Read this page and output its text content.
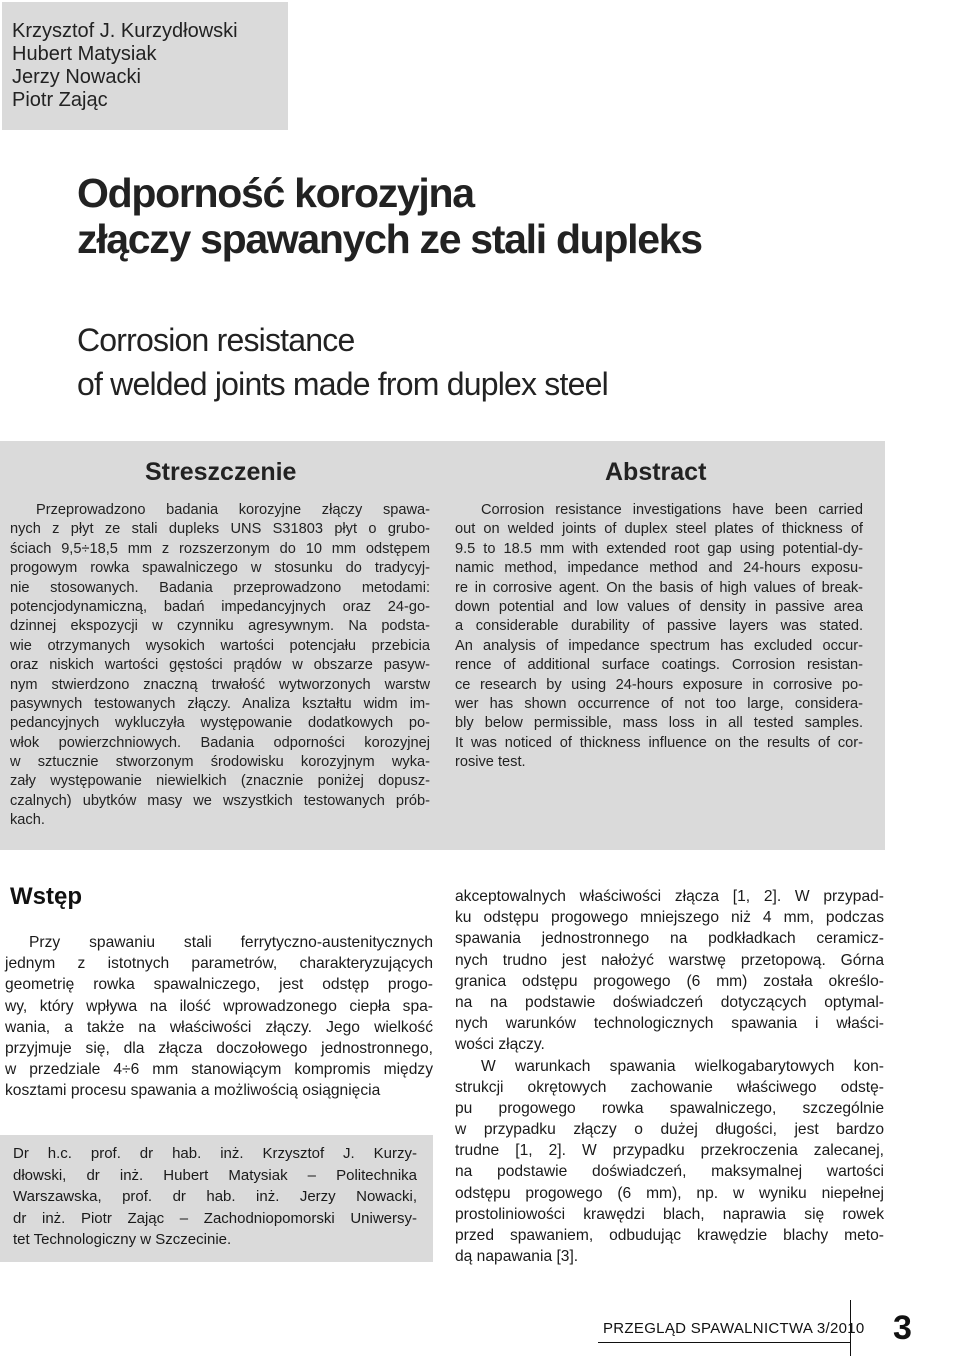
Krzysztof J. Kurzydłowski
Hubert Matysiak
Jerzy Nowacki
Piotr Zając
Odporność korozyjna
złączy spawanych ze stali dupleks
Corrosion resistance
of welded joints made from duplex steel
Streszczenie
Przeprowadzono badania korozyjne złączy spawa-
nych z płyt ze stali dupleks UNS S31803 płyt o grubo-
ściach 9,5÷18,5 mm z rozszerzonym do 10 mm odstępem
progowym rowka spawalniczego w stosunku do tradycyj-
nie stosowanych. Badania przeprowadzono metodami:
potencjodynamiczną, badań impedancyjnych oraz 24-go-
dzinnej ekspozycji w czynniku agresywnym. Na podsta-
wie otrzymanych wysokich wartości potencjału przebicia
oraz niskich wartości gęstości prądów w obszarze pasyw-
nym stwierdzono znaczną trwałość wytworzonych warstw
pasywnych testowanych złączy. Analiza kształtu widm im-
pedancyjnych wykluczyła występowanie dodatkowych po-
włok powierzchniowych. Badania odporności korozyjnej
w sztucznie stworzonym środowisku korozyjnym wyka-
zały występowanie niewielkich (znacznie poniżej dopusz-
czalnych) ubytków masy we wszystkich testowanych prób-
kach.
Abstract
Corrosion resistance investigations have been carried
out on welded joints of duplex steel plates of thickness of
9.5 to 18.5 mm with extended root gap using potential-dy-
namic method, impedance method and 24-hours exposu-
re in corrosive agent. On the basis of high values of break-
down potential and low values of density in passive area
a considerable durability of passive layers was stated.
An analysis of impedance spectrum has excluded occur-
rence of additional surface coatings. Corrosion resistan-
ce research by using 24-hours exposure in corrosive po-
wer has shown occurrence of not too large, considera-
bly below permissible, mass loss in all tested samples.
It was noticed of thickness influence on the results of cor-
rosive test.
Wstęp
Przy spawaniu stali ferrytyczno-austenitycznych
jednym z istotnych parametrów, charakteryzujących
geometrię rowka spawalniczego, jest odstęp progo-
wy, który wpływa na ilość wprowadzonego ciepła spa-
wania, a także na właściwości złączy. Jego wielkość
przyjmuje się, dla złącza doczołowego jednostronnego,
w przedziale 4÷6 mm stanowiącym kompromis między
kosztami procesu spawania a możliwością osiągnięcia
akceptowalnych właściwości złącza [1, 2]. W przypad-
ku odstępu progowego mniejszego niż 4 mm, podczas
spawania jednostronnego na podkładkach ceramicz-
nych trudno jest nałożyć warstwę przetopową. Górna
granica odstępu progowego (6 mm) została określo-
na na podstawie doświadczeń dotyczących optymal-
nych warunków technologicznych spawania i właści-
wości złączy.
W warunkach spawania wielkogabarytowych kon-
strukcji okrętowych zachowanie właściwego odstę-
pu progowego rowka spawalniczego, szczególnie
w przypadku złączy o dużej długości, jest bardzo
trudne [1, 2]. W przypadku przekroczenia zalecanej,
na podstawie doświadczeń, maksymalnej wartości
odstępu progowego (6 mm), np. w wyniku niepełnej
prostoliniowości krawędzi blach, naprawia się rowek
przed spawaniem, odbudując krawędzie blachy meto-
dą napawania [3].
Dr h.c. prof. dr hab. inż. Krzysztof J. Kurzy-
dłowski, dr inż. Hubert Matysiak – Politechnika
Warszawska, prof. dr hab. inż. Jerzy Nowacki,
dr inż. Piotr Zając – Zachodniopomorski Uniwersy-
tet Technologiczny w Szczecinie.
PRZEGLĄD SPAWALNICTWA 3/2010 3
